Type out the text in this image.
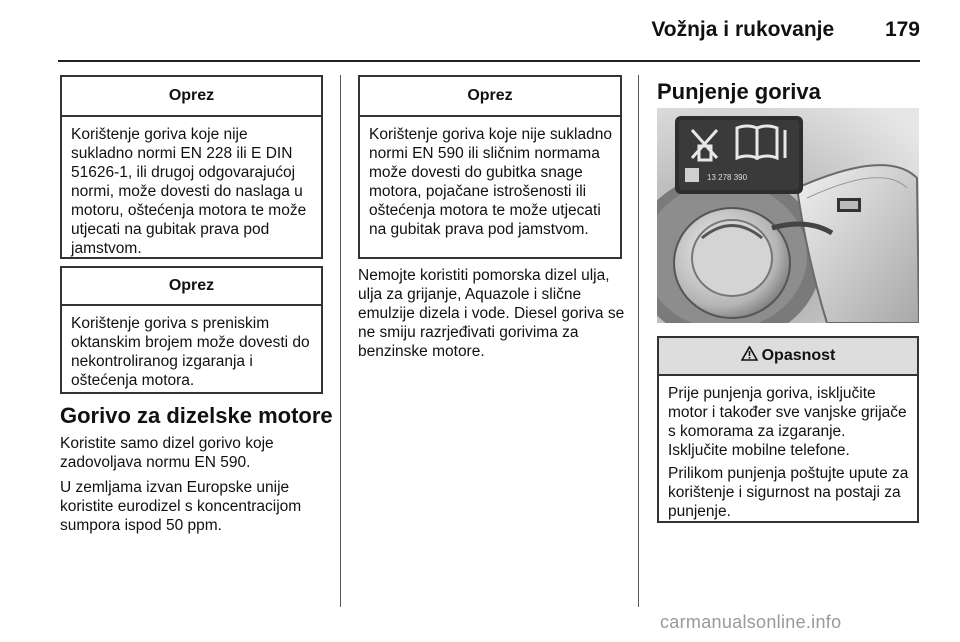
Vožnja i rukovanje 179
Oprez
Korištenje goriva koje nije sukladno normi EN 228 ili E DIN 51626-1, ili drugoj odgovarajućoj normi, može dovesti do naslaga u motoru, oštećenja motora te može utjecati na gubitak prava pod jamstvom.
Oprez
Korištenje goriva s preniskim oktanskim brojem može dovesti do nekontroliranog izgaranja i oštećenja motora.
Gorivo za dizelske motore

Koristite samo dizel gorivo koje zadovoljava normu EN 590.

U zemljama izvan Europske unije koristite eurodizel s koncentracijom sumpora ispod 50 ppm.

Oprez
Korištenje goriva koje nije sukladno normi EN 590 ili sličnim normama može dovesti do gubitka snage motora, pojačane istrošenosti ili oštećenja motora te može utjecati na gubitak prava pod jamstvom.

Nemojte koristiti pomorska dizel ulja, ulja za grijanje, Aquazole i slične emulzije dizela i vode. Diesel goriva se ne smiju razrjeđivati gorivima za benzinske motore.

Punjenje goriva
13 278 390
Opasnost

Prije punjenja goriva, isključite motor i također sve vanjske grijače s komorama za izgaranje. Isključite mobilne telefone.

Prilikom punjenja poštujte upute za korištenje i sigurnost na postaji za punjenje.

carmanualsonline.info
